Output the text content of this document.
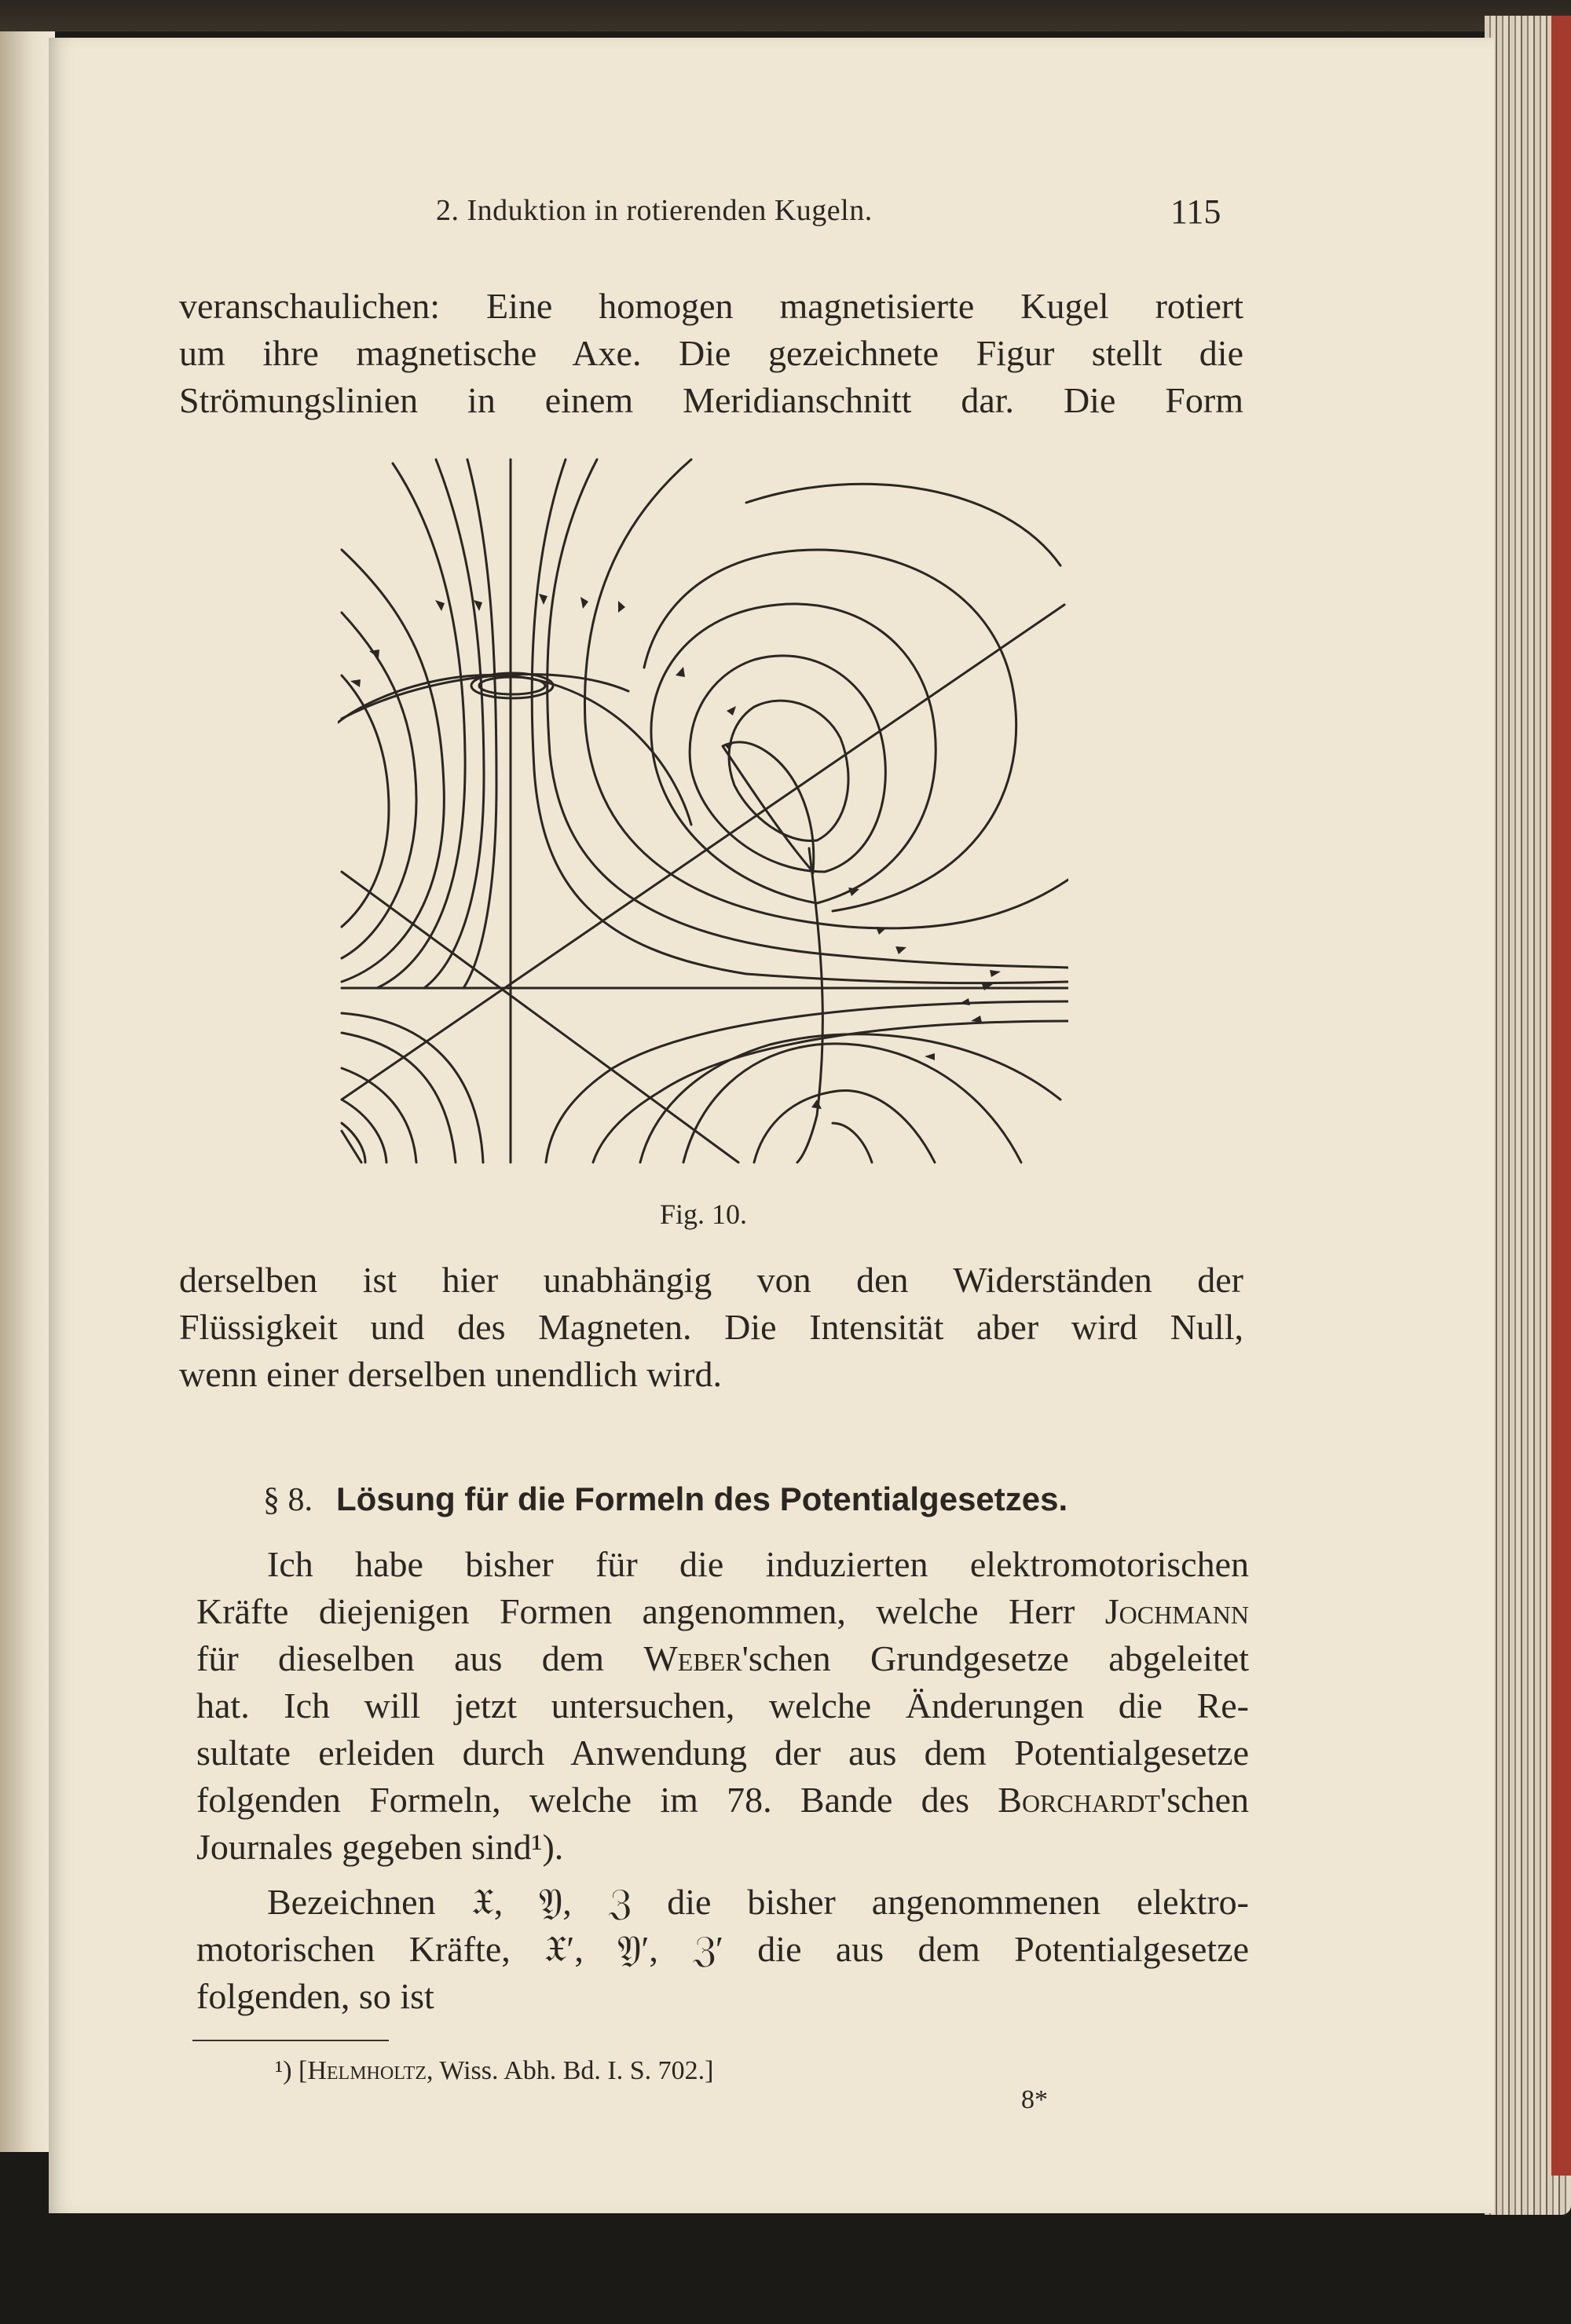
2. Induktion in rotierenden Kugeln.	115
veranschaulichen: Eine homogen magnetisierte Kugel rotiert
um ihre magnetische Axe. Die gezeichnete Figur stellt die
Strömungslinien in einem Meridianschnitt dar. Die Form
Fig. 10.
derselben ist hier unabhängig von den Widerständen der
Flüssigkeit und des Magneten. Die Intensität aber wird Null,
wenn einer derselben unendlich wird.
§ 8. Lösung für die Formeln des Potentialgesetzes.
Ich habe bisher für die induzierten elektromotorischen
Kräfte diejenigen Formen angenommen, welche Herr Jochmann
für dieselben aus dem Weber'schen Grundgesetze abgeleitet
hat. Ich will jetzt untersuchen, welche Änderungen die Re-
sultate erleiden durch Anwendung der aus dem Potentialgesetze
folgenden Formeln, welche im 78. Bande des Borchardt'schen
Journales gegeben sind¹).
Bezeichnen 𝔛, 𝔜, ℨ die bisher angenommenen elektro-
motorischen Kräfte, 𝔛′, 𝔜′, ℨ′ die aus dem Potentialgesetze
folgenden, so ist
¹) [Helmholtz, Wiss. Abh. Bd. I. S. 702.]
8*
